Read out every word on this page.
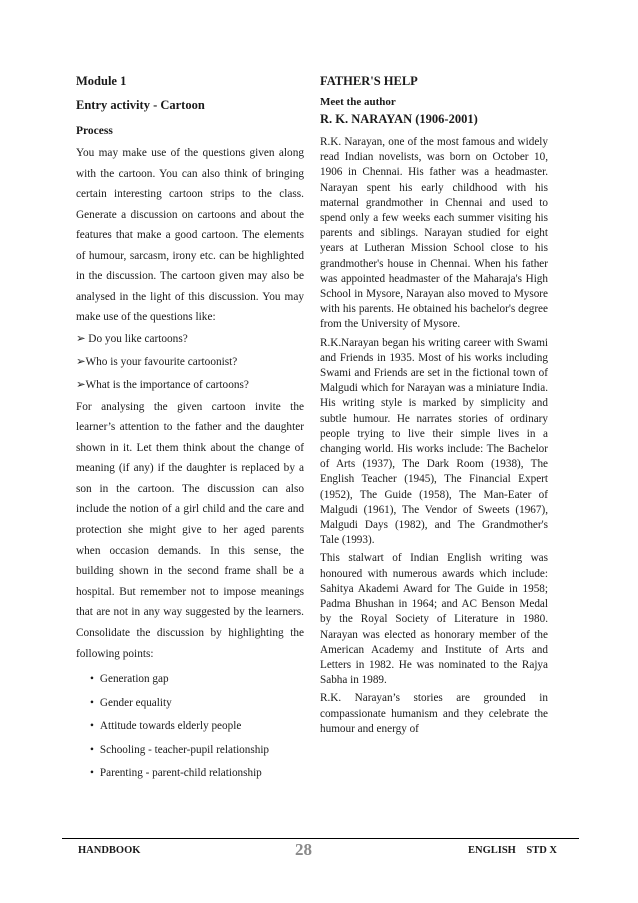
Module 1

Entry activity - Cartoon

Process

You may make use of the questions given along with the cartoon. You can also think of bringing certain interesting cartoon strips to the class. Generate a discussion on cartoons and about the features that make a good cartoon. The elements of humour, sarcasm, irony etc. can be highlighted in the discussion. The cartoon given may also be analysed in the light of this discussion. You may make use of the questions like:

➢ Do you like cartoons?
➢Who is your favourite cartoonist?
➢What is the importance of cartoons?

For analysing the given cartoon invite the learner’s attention to the father and the daughter shown in it. Let them think about the change of meaning (if any) if the daughter is replaced by a son in the cartoon. The discussion can also include the notion of a girl child and the care and protection she might give to her aged parents when occasion demands. In this sense, the building shown in the second frame shall be a hospital. But remember not to impose meanings that are not in any way suggested by the learners. Consolidate the discussion by highlighting the following points:

• Generation gap
• Gender equality
• Attitude towards elderly people
• Schooling - teacher-pupil relationship
• Parenting - parent-child relationship

FATHER'S HELP

Meet the author

R. K. NARAYAN (1906-2001)

R.K. Narayan, one of the most famous and widely read Indian novelists, was born on October 10, 1906 in Chennai. His father was a headmaster. Narayan spent his early childhood with his maternal grandmother in Chennai and used to spend only a few weeks each summer visiting his parents and siblings. Narayan studied for eight years at Lutheran Mission School close to his grandmother's house in Chennai. When his father was appointed headmaster of the Maharaja's High School in Mysore, Narayan also moved to Mysore with his parents. He obtained his bachelor's degree from the University of Mysore.

R.K.Narayan began his writing career with Swami and Friends in 1935. Most of his works including Swami and Friends are set in the fictional town of Malgudi which for Narayan was a miniature India. His writing style is marked by simplicity and subtle humour. He narrates stories of ordinary people trying to live their simple lives in a changing world. His works include: The Bachelor of Arts (1937), The Dark Room (1938), The English Teacher (1945), The Financial Expert (1952), The Guide (1958), The Man-Eater of Malgudi (1961), The Vendor of Sweets (1967), Malgudi Days (1982), and The Grandmother's Tale (1993).

This stalwart of Indian English writing was honoured with numerous awards which include: Sahitya Akademi Award for The Guide in 1958; Padma Bhushan in 1964; and AC Benson Medal by the Royal Society of Literature in 1980. Narayan was elected as honorary member of the American Academy and Institute of Arts and Letters in 1982. He was nominated to the Rajya Sabha in 1989.

R.K. Narayan’s stories are grounded in compassionate humanism and they celebrate the humour and energy of

HANDBOOK	28	ENGLISH    STD X
